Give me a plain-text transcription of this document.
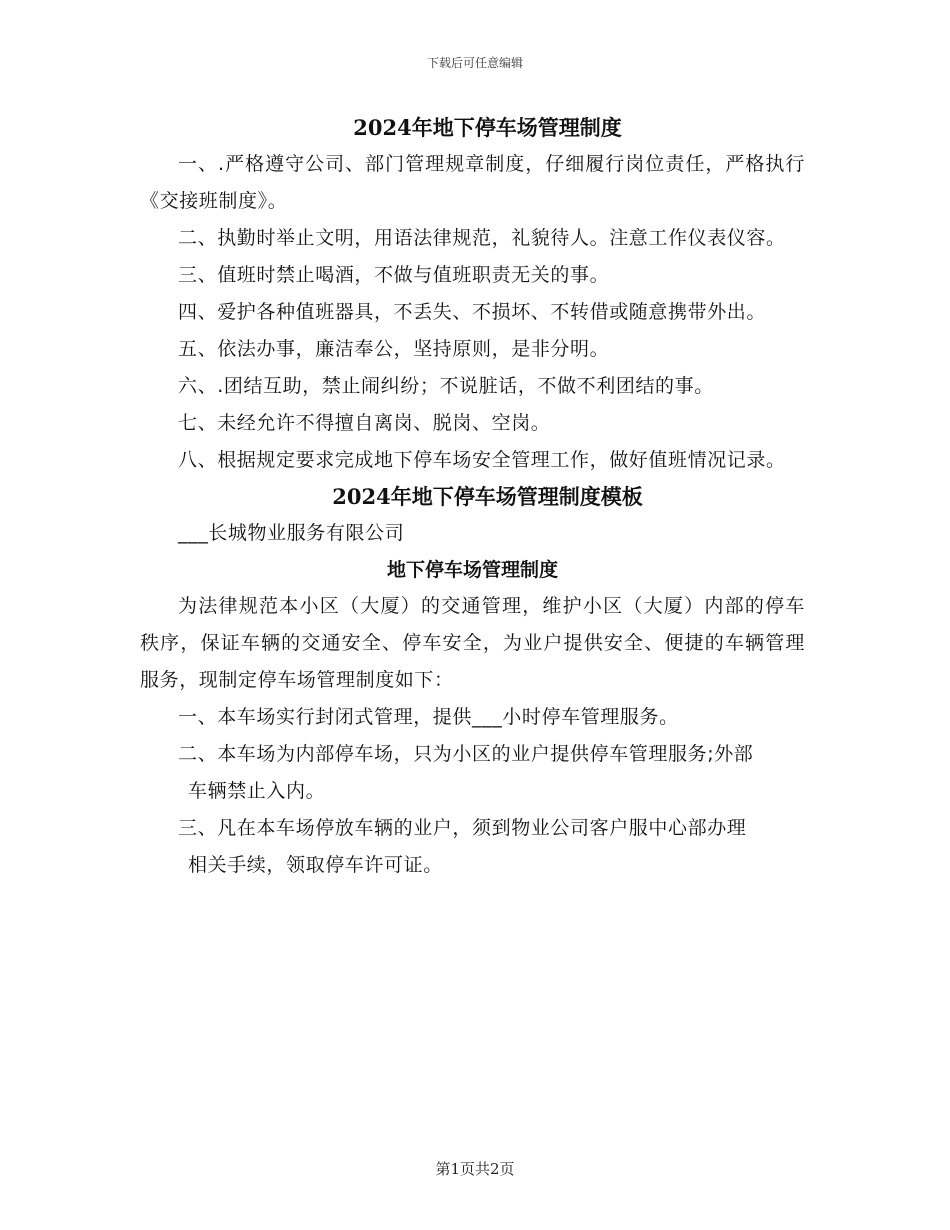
下载后可任意编辑
2024年地下停车场管理制度

一、.严格遵守公司、部门管理规章制度，仔细履行岗位责任，严格执行《交接班制度》。

二、执勤时举止文明，用语法律规范，礼貌待人。注意工作仪表仪容。

三、值班时禁止喝酒，不做与值班职责无关的事。

四、爱护各种值班器具，不丢失、不损坏、不转借或随意携带外出。

五、依法办事，廉洁奉公，坚持原则，是非分明。

六、.团结互助，禁止闹纠纷；不说脏话，不做不利团结的事。

七、未经允许不得擅自离岗、脱岗、空岗。

八、根据规定要求完成地下停车场安全管理工作，做好值班情况记录。

2024年地下停车场管理制度模板

___长城物业服务有限公司

地下停车场管理制度

为法律规范本小区（大厦）的交通管理，维护小区（大厦）内部的停车秩序，保证车辆的交通安全、停车安全，为业户提供安全、便捷的车辆管理服务，现制定停车场管理制度如下：

一、本车场实行封闭式管理，提供___小时停车管理服务。

二、本车场为内部停车场，只为小区的业户提供停车管理服务;外部

车辆禁止入内。

三、凡在本车场停放车辆的业户，须到物业公司客户服中心部办理

相关手续，领取停车许可证。

第1页共2页
